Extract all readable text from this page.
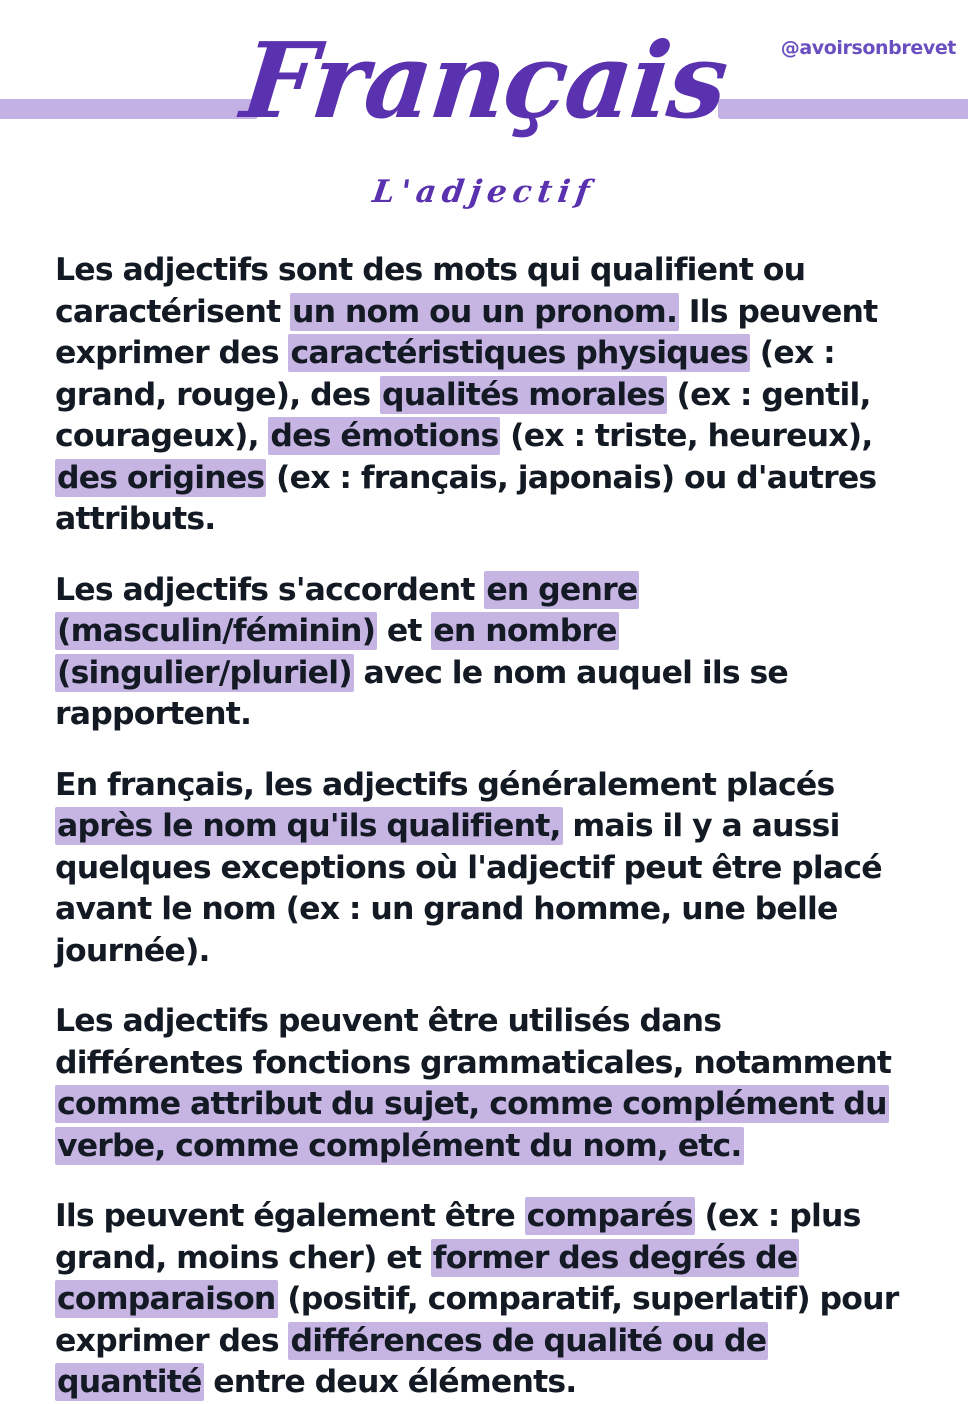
@avoirsonbrevet
Français
L'adjectif

Les adjectifs sont des mots qui qualifient ou caractérisent un nom ou un pronom. Ils peuvent exprimer des caractéristiques physiques (ex : grand, rouge), des qualités morales (ex : gentil, courageux), des émotions (ex : triste, heureux), des origines (ex : français, japonais) ou d'autres attributs.

Les adjectifs s'accordent en genre (masculin/féminin) et en nombre (singulier/pluriel) avec le nom auquel ils se rapportent.

En français, les adjectifs généralement placés après le nom qu'ils qualifient, mais il y a aussi quelques exceptions où l'adjectif peut être placé avant le nom (ex : un grand homme, une belle journée).

Les adjectifs peuvent être utilisés dans différentes fonctions grammaticales, notamment comme attribut du sujet, comme complément du verbe, comme complément du nom, etc.

Ils peuvent également être comparés (ex : plus grand, moins cher) et former des degrés de comparaison (positif, comparatif, superlatif) pour exprimer des différences de qualité ou de quantité entre deux éléments.
